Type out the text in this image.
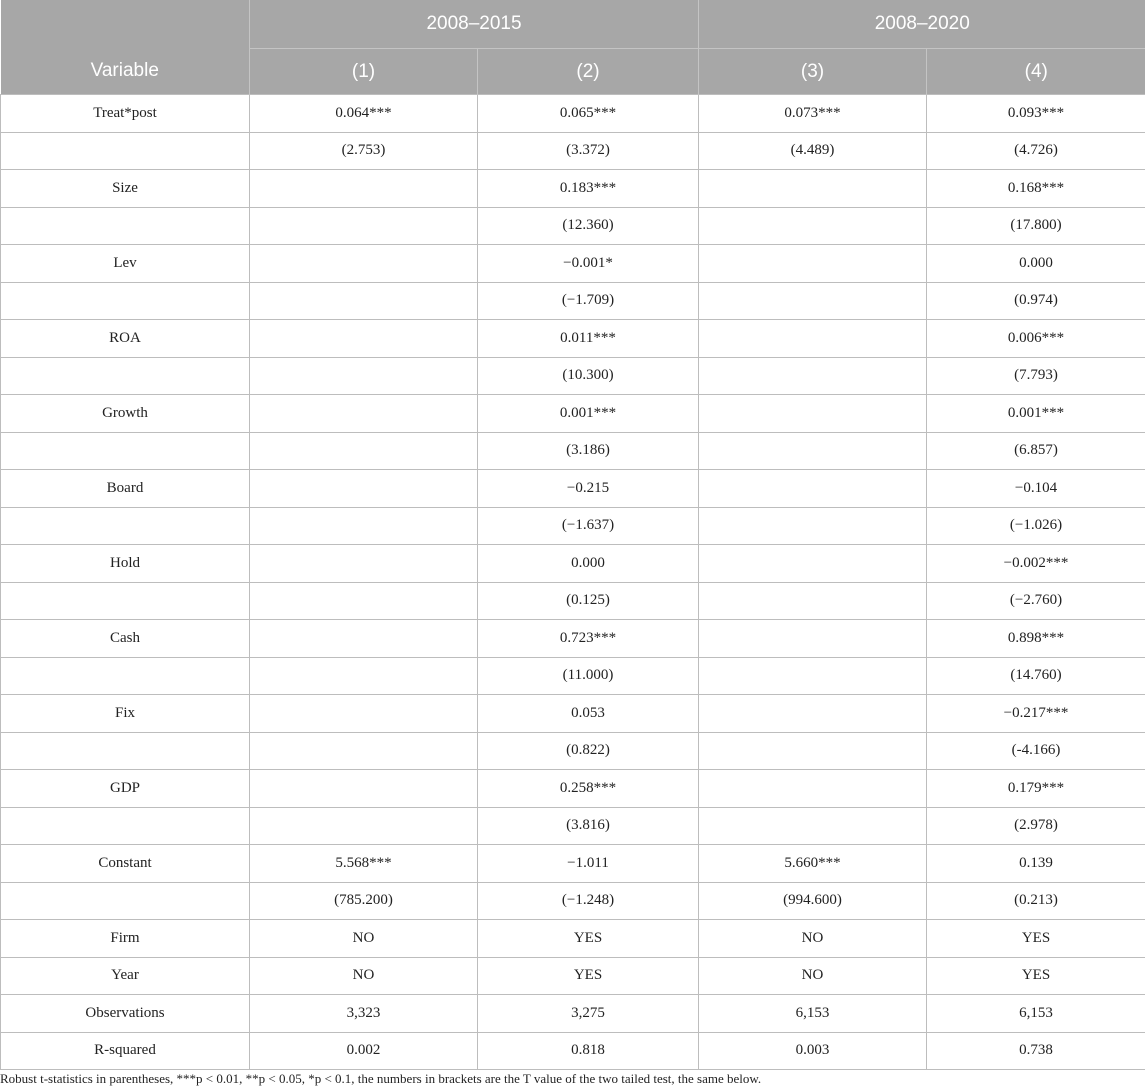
	2008–2015		2008–2020	
Variable	(1)	(2)	(3)	(4)
Treat*post	0.064***	0.065***	0.073***	0.093***
	(2.753)	(3.372)	(4.489)	(4.726)
Size		0.183***		0.168***
		(12.360)		(17.800)
Lev		−0.001*		0.000
		(−1.709)		(0.974)
ROA		0.011***		0.006***
		(10.300)		(7.793)
Growth		0.001***		0.001***
		(3.186)		(6.857)
Board		−0.215		−0.104
		(−1.637)		(−1.026)
Hold		0.000		−0.002***
		(0.125)		(−2.760)
Cash		0.723***		0.898***
		(11.000)		(14.760)
Fix		0.053		−0.217***
		(0.822)		(-4.166)
GDP		0.258***		0.179***
		(3.816)		(2.978)
Constant	5.568***	−1.011	5.660***	0.139
	(785.200)	(−1.248)	(994.600)	(0.213)
Firm	NO	YES	NO	YES
Year	NO	YES	NO	YES
Observations	3,323	3,275	6,153	6,153
R-squared	0.002	0.818	0.003	0.738
Robust t-statistics in parentheses, ***p < 0.01, **p < 0.05, *p < 0.1, the numbers in brackets are the T value of the two tailed test, the same below.
